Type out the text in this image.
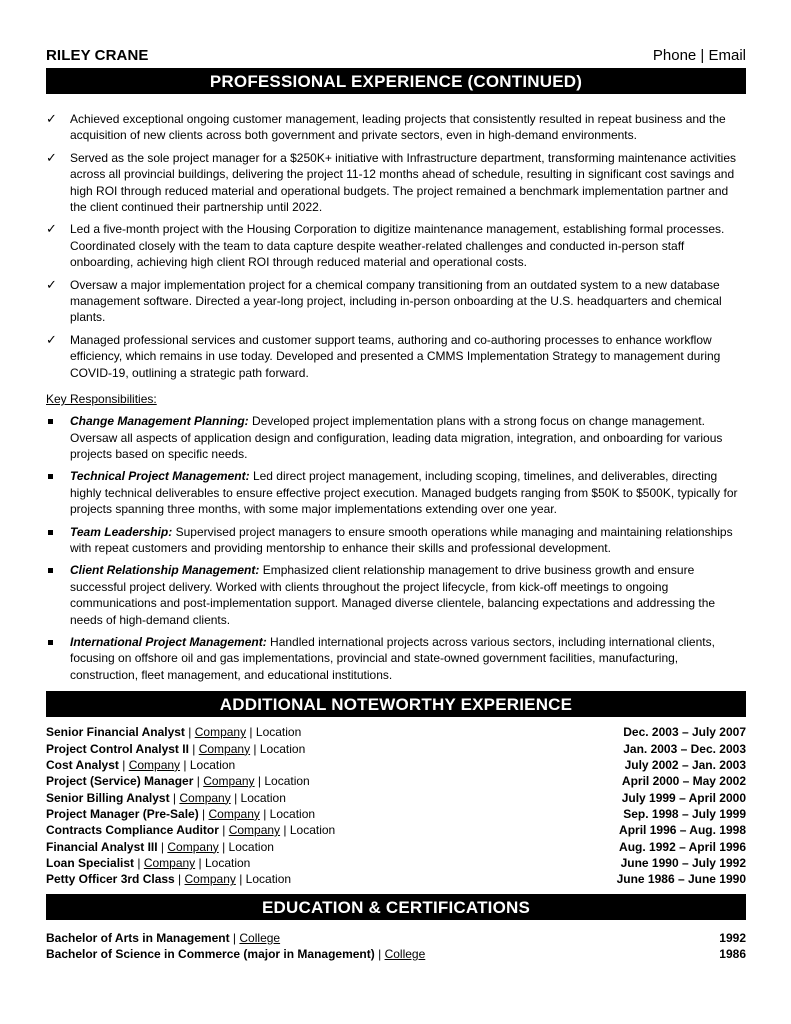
RILEY CRANE	Phone | Email
PROFESSIONAL EXPERIENCE (CONTINUED)
✓ Achieved exceptional ongoing customer management, leading projects that consistently resulted in repeat business and the acquisition of new clients across both government and private sectors, even in high-demand environments.
✓ Served as the sole project manager for a $250K+ initiative with Infrastructure department, transforming maintenance activities across all provincial buildings, delivering the project 11-12 months ahead of schedule, resulting in significant cost savings and high ROI through reduced material and operational budgets. The project remained a benchmark implementation partner and the client continued their partnership until 2022.
✓ Led a five-month project with the Housing Corporation to digitize maintenance management, establishing formal processes. Coordinated closely with the team to data capture despite weather-related challenges and conducted in-person staff onboarding, achieving high client ROI through reduced material and operational costs.
✓ Oversaw a major implementation project for a chemical company transitioning from an outdated system to a new database management software. Directed a year-long project, including in-person onboarding at the U.S. headquarters and chemical plants.
✓ Managed professional services and customer support teams, authoring and co-authoring processes to enhance workflow efficiency, which remains in use today. Developed and presented a CMMS Implementation Strategy to management during COVID-19, outlining a strategic path forward.
Key Responsibilities:
Change Management Planning: Developed project implementation plans with a strong focus on change management. Oversaw all aspects of application design and configuration, leading data migration, integration, and onboarding for various projects based on specific needs.
Technical Project Management: Led direct project management, including scoping, timelines, and deliverables, directing highly technical deliverables to ensure effective project execution. Managed budgets ranging from $50K to $500K, typically for projects spanning three months, with some major implementations extending over one year.
Team Leadership: Supervised project managers to ensure smooth operations while managing and maintaining relationships with repeat customers and providing mentorship to enhance their skills and professional development.
Client Relationship Management: Emphasized client relationship management to drive business growth and ensure successful project delivery. Worked with clients throughout the project lifecycle, from kick-off meetings to ongoing communications and post-implementation support. Managed diverse clientele, balancing expectations and addressing the needs of high-demand clients.
International Project Management: Handled international projects across various sectors, including international clients, focusing on offshore oil and gas implementations, provincial and state-owned government facilities, manufacturing, construction, fleet management, and educational institutions.
ADDITIONAL NOTEWORTHY EXPERIENCE
Senior Financial Analyst | Company | Location	Dec. 2003 – July 2007
Project Control Analyst II | Company | Location	Jan. 2003 – Dec. 2003
Cost Analyst | Company | Location	July 2002 – Jan. 2003
Project (Service) Manager | Company | Location	April 2000 – May 2002
Senior Billing Analyst | Company | Location	July 1999 – April 2000
Project Manager (Pre-Sale) | Company | Location	Sep. 1998 – July 1999
Contracts Compliance Auditor | Company | Location	April 1996 – Aug. 1998
Financial Analyst III | Company | Location	Aug. 1992 – April 1996
Loan Specialist | Company | Location	June 1990 – July 1992
Petty Officer 3rd Class | Company | Location	June 1986 – June 1990
EDUCATION & CERTIFICATIONS
Bachelor of Arts in Management | College	1992
Bachelor of Science in Commerce (major in Management) | College	1986
